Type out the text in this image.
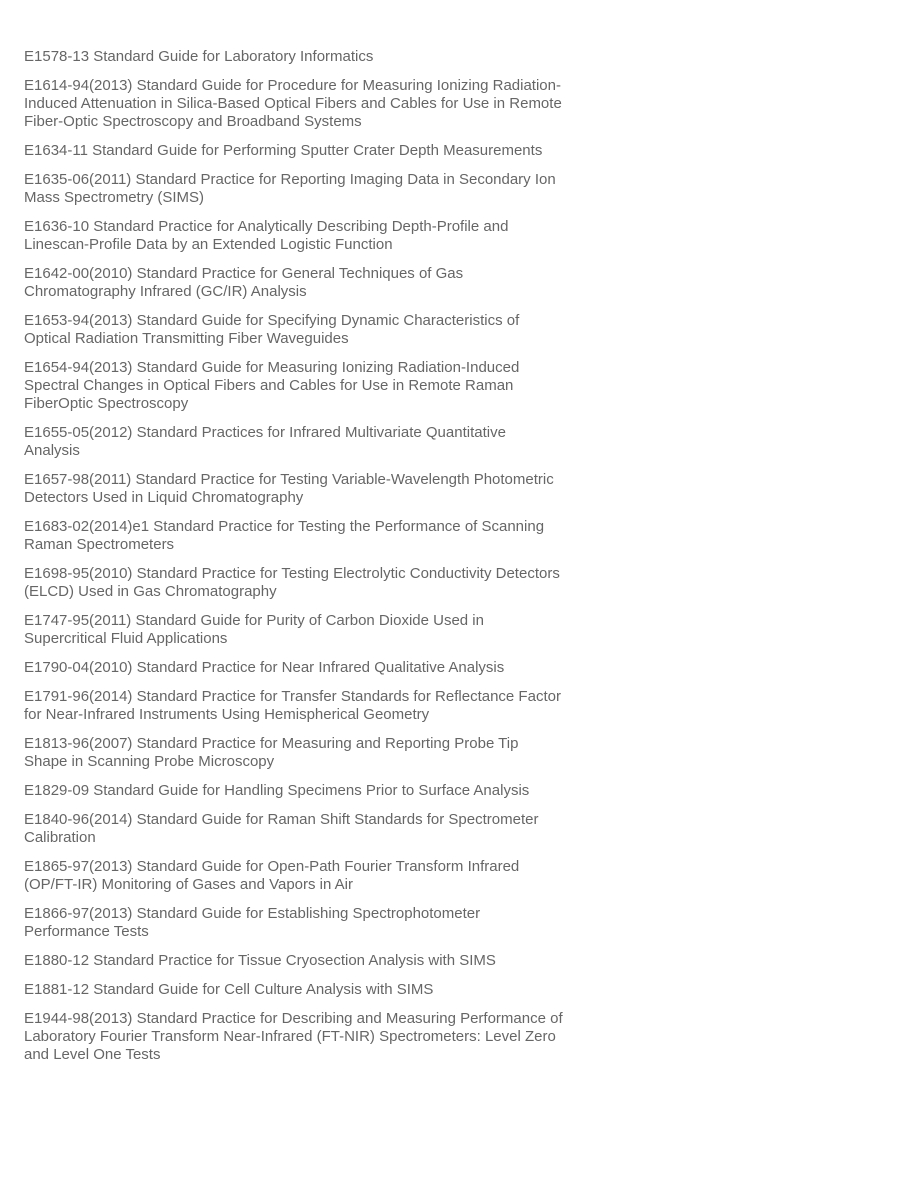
E1578-13 Standard Guide for Laboratory Informatics

E1614-94(2013) Standard Guide for Procedure for Measuring Ionizing Radiation-Induced Attenuation in Silica-Based Optical Fibers and Cables for Use in Remote Fiber-Optic Spectroscopy and Broadband Systems

E1634-11 Standard Guide for Performing Sputter Crater Depth Measurements

E1635-06(2011) Standard Practice for Reporting Imaging Data in Secondary Ion Mass Spectrometry (SIMS)

E1636-10 Standard Practice for Analytically Describing Depth-Profile and Linescan-Profile Data by an Extended Logistic Function

E1642-00(2010) Standard Practice for General Techniques of Gas Chromatography Infrared (GC/IR) Analysis

E1653-94(2013) Standard Guide for Specifying Dynamic Characteristics of Optical Radiation Transmitting Fiber Waveguides

E1654-94(2013) Standard Guide for Measuring Ionizing Radiation-Induced Spectral Changes in Optical Fibers and Cables for Use in Remote Raman FiberOptic Spectroscopy

E1655-05(2012) Standard Practices for Infrared Multivariate Quantitative Analysis

E1657-98(2011) Standard Practice for Testing Variable-Wavelength Photometric Detectors Used in Liquid Chromatography

E1683-02(2014)e1 Standard Practice for Testing the Performance of Scanning Raman Spectrometers

E1698-95(2010) Standard Practice for Testing Electrolytic Conductivity Detectors (ELCD) Used in Gas Chromatography

E1747-95(2011) Standard Guide for Purity of Carbon Dioxide Used in Supercritical Fluid Applications

E1790-04(2010) Standard Practice for Near Infrared Qualitative Analysis

E1791-96(2014) Standard Practice for Transfer Standards for Reflectance Factor for Near-Infrared Instruments Using Hemispherical Geometry

E1813-96(2007) Standard Practice for Measuring and Reporting Probe Tip Shape in Scanning Probe Microscopy

E1829-09 Standard Guide for Handling Specimens Prior to Surface Analysis

E1840-96(2014) Standard Guide for Raman Shift Standards for Spectrometer Calibration

E1865-97(2013) Standard Guide for Open-Path Fourier Transform Infrared (OP/FT-IR) Monitoring of Gases and Vapors in Air

E1866-97(2013) Standard Guide for Establishing Spectrophotometer Performance Tests

E1880-12 Standard Practice for Tissue Cryosection Analysis with SIMS

E1881-12 Standard Guide for Cell Culture Analysis with SIMS

E1944-98(2013) Standard Practice for Describing and Measuring Performance of Laboratory Fourier Transform Near-Infrared (FT-NIR) Spectrometers: Level Zero and Level One Tests
